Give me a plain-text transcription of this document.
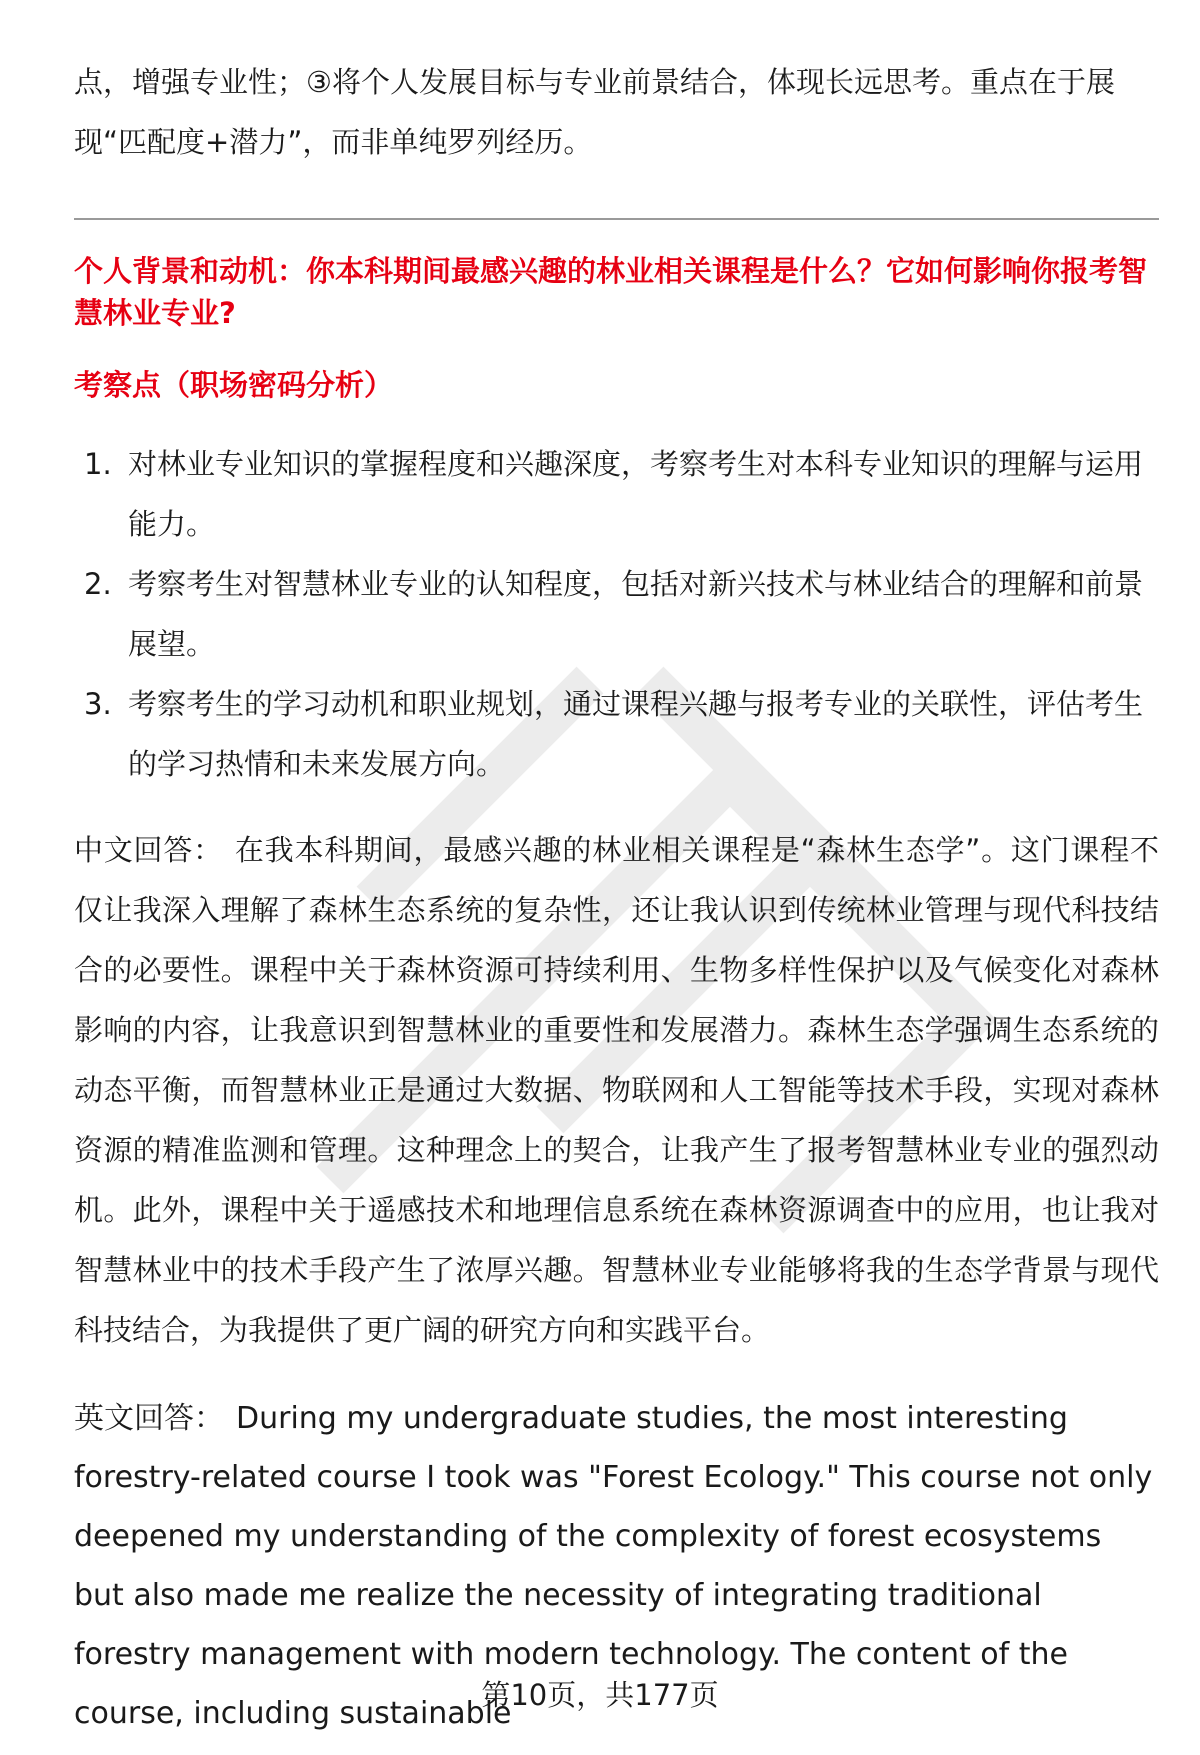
点，增强专业性；③将个人发展目标与专业前景结合，体现长远思考。重点在于展

现“匹配度+潜力”，而非单纯罗列经历。

个人背景和动机：你本科期间最感兴趣的林业相关课程是什么？它如何影响你报考智慧林业专业?

考察点（职场密码分析）

1. 对林业专业知识的掌握程度和兴趣深度，考察考生对本科专业知识的理解与运用能力。
2. 考察考生对智慧林业专业的认知程度，包括对新兴技术与林业结合的理解和前景展望。
3. 考察考生的学习动机和职业规划，通过课程兴趣与报考专业的关联性，评估考生的学习热情和未来发展方向。

中文回答： 在我本科期间，最感兴趣的林业相关课程是“森林生态学”。这门课程不仅让我深入理解了森林生态系统的复杂性，还让我认识到传统林业管理与现代科技结合的必要性。课程中关于森林资源可持续利用、生物多样性保护以及气候变化对森林影响的内容，让我意识到智慧林业的重要性和发展潜力。森林生态学强调生态系统的动态平衡，而智慧林业正是通过大数据、物联网和人工智能等技术手段，实现对森林资源的精准监测和管理。这种理念上的契合，让我产生了报考智慧林业专业的强烈动机。此外，课程中关于遥感技术和地理信息系统在森林资源调查中的应用，也让我对智慧林业中的技术手段产生了浓厚兴趣。智慧林业专业能够将我的生态学背景与现代科技结合，为我提供了更广阔的研究方向和实践平台。

英文回答： During my undergraduate studies, the most interesting forestry-related course I took was "Forest Ecology." This course not only deepened my understanding of the complexity of forest ecosystems but also made me realize the necessity of integrating traditional forestry management with modern technology. The content of the course, including sustainable

第10页，共177页
